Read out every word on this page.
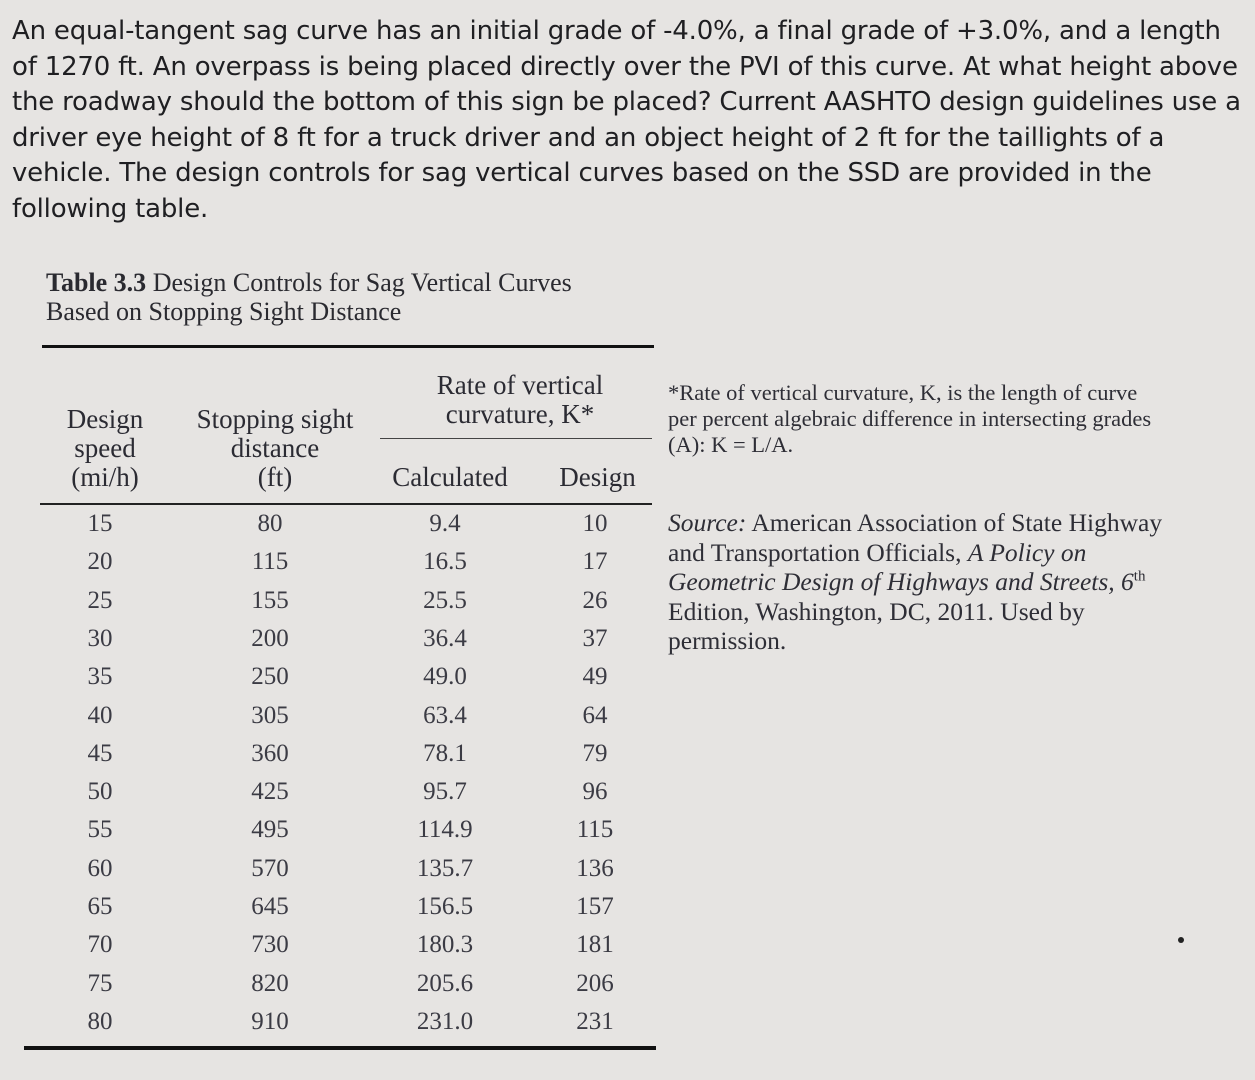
An equal-tangent sag curve has an initial grade of -4.0%, a final grade of +3.0%, and a length of 1270 ft. An overpass is being placed directly over the PVI of this curve. At what height above the roadway should the bottom of this sign be placed? Current AASHTO design guidelines use a driver eye height of 8 ft for a truck driver and an object height of 2 ft for the taillights of a vehicle. The design controls for sag vertical curves based on the SSD are provided in the following table.
Table 3.3 Design Controls for Sag Vertical Curves
Based on Stopping Sight Distance
Design
speed
(mi/h)
Stopping sight
distance
(ft)
Rate of vertical
curvature, K*
Calculated	Design
15	80	9.4	10
20	115	16.5	17
25	155	25.5	26
30	200	36.4	37
35	250	49.0	49
40	305	63.4	64
45	360	78.1	79
50	425	95.7	96
55	495	114.9	115
60	570	135.7	136
65	645	156.5	157
70	730	180.3	181
75	820	205.6	206
80	910	231.0	231
*Rate of vertical curvature, K, is the length of curve
per percent algebraic difference in intersecting grades
(A): K = L/A.
Source: American Association of State Highway
and Transportation Officials, A Policy on
Geometric Design of Highways and Streets, 6th
Edition, Washington, DC, 2011. Used by
permission.
